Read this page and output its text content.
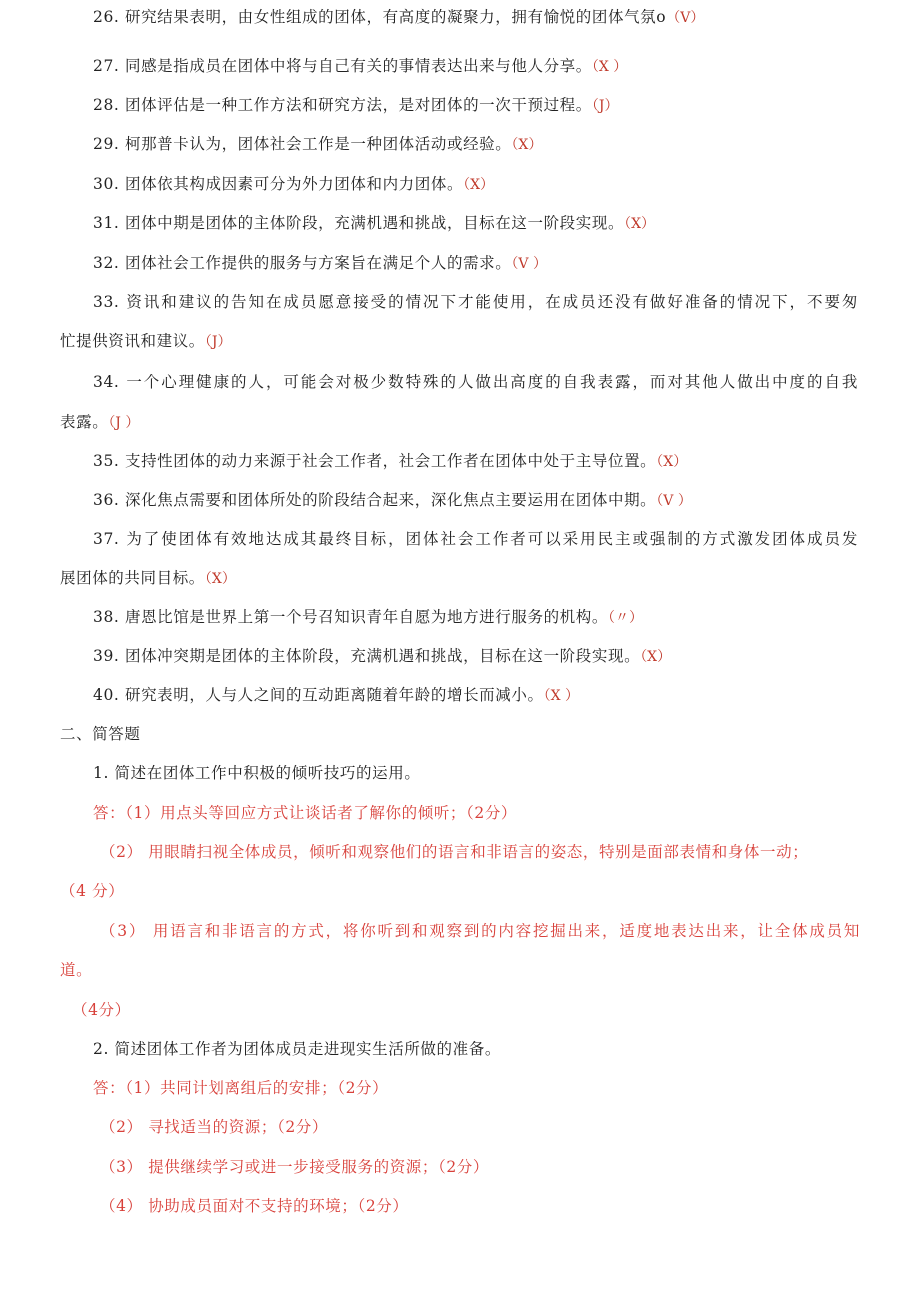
26. 研究结果表明，由女性组成的团体，有高度的凝聚力，拥有愉悦的团体气氛o（V）
27. 同感是指成员在团体中将与自己有关的事情表达出来与他人分享。（X ）
28. 团体评估是一种工作方法和研究方法，是对团体的一次干预过程。（J）
29. 柯那普卡认为，团体社会工作是一种团体活动或经验。（X）
30. 团体依其构成因素可分为外力团体和内力团体。（X）
31. 团体中期是团体的主体阶段，充满机遇和挑战，目标在这一阶段实现。（X）
32. 团体社会工作提供的服务与方案旨在满足个人的需求。（V ）
33. 资讯和建议的告知在成员愿意接受的情况下才能使用，在成员还没有做好准备的情况下，不要匆
忙提供资讯和建议。（J）
34. 一个心理健康的人，可能会对极少数特殊的人做出高度的自我表露，而对其他人做出中度的自我
表露。（J ）
35. 支持性团体的动力来源于社会工作者，社会工作者在团体中处于主导位置。（X）
36. 深化焦点需要和团体所处的阶段结合起来，深化焦点主要运用在团体中期。（V ）
37. 为了使团体有效地达成其最终目标，团体社会工作者可以采用民主或强制的方式激发团体成员发
展团体的共同目标。（X）
38. 唐恩比馆是世界上第一个号召知识青年自愿为地方进行服务的机构。（〃）
39. 团体冲突期是团体的主体阶段，充满机遇和挑战，目标在这一阶段实现。（X）
40. 研究表明，人与人之间的互动距离随着年龄的增长而减小。（X ）
二、简答题
1. 简述在团体工作中积极的倾听技巧的运用。
答：（1）用点头等回应方式让谈话者了解你的倾听；（2分）
（2） 用眼睛扫视全体成员，倾听和观察他们的语言和非语言的姿态，特别是面部表情和身体一动；
（4 分）
（3） 用语言和非语言的方式，将你听到和观察到的内容挖掘出来，适度地表达出来，让全体成员知
道。
（4分）
2. 简述团体工作者为团体成员走进现实生活所做的准备。
答：（1）共同计划离组后的安排；（2分）
（2） 寻找适当的资源；（2分）
（3） 提供继续学习或进一步接受服务的资源；（2分）
（4） 协助成员面对不支持的环境；（2分）
